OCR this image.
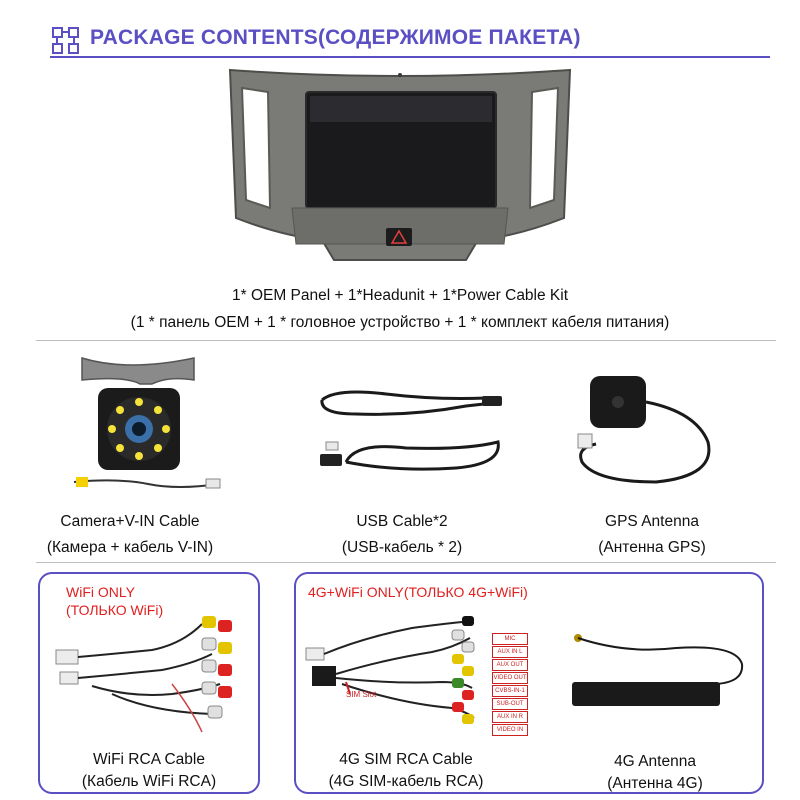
PACKAGE CONTENTS(СОДЕРЖИМОЕ ПАКЕТА)
1* OEM Panel + 1*Headunit + 1*Power Cable Kit
(1 * панель OEM + 1 * головное устройство + 1 * комплект кабеля питания)
Camera+V-IN Cable
(Камера + кабель V-IN)
USB Cable*2
(USB-кабель * 2)
GPS Antenna
(Антенна GPS)
WiFi ONLY
(ТОЛЬКО WiFi)
WiFi RCA Cable
(Кабель WiFi RCA)
4G+WiFi ONLY(ТОЛЬКО 4G+WiFi)
SIM Slot
MIC
AUX IN L
AUX OUT
VIDEO OUT
CVBS-IN-1
SUB-OUT
AUX IN R
VIDEO IN
4G SIM RCA Cable
(4G SIM-кабель RCA)
4G Antenna
(Антенна 4G)
